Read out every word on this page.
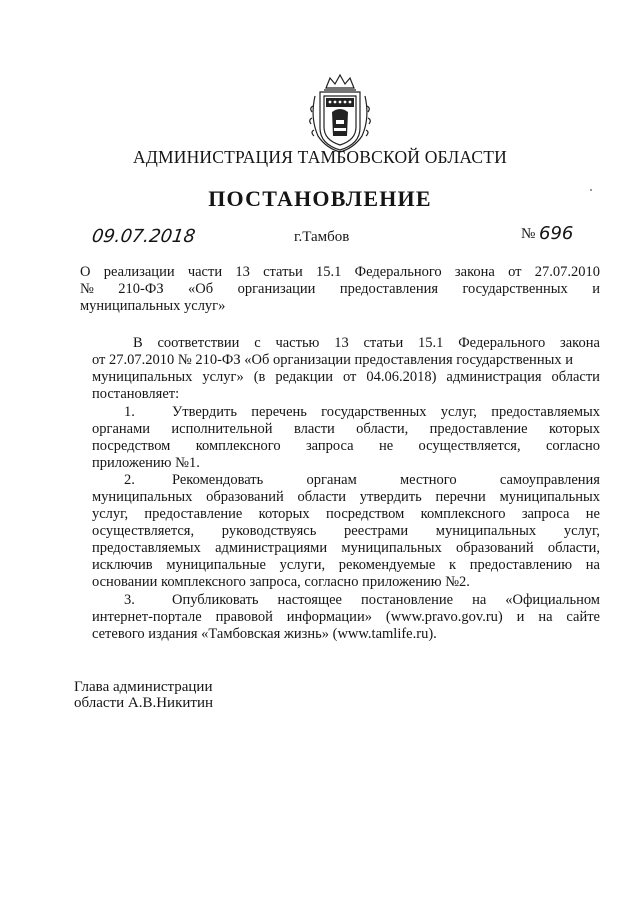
АДМИНИСТРАЦИЯ ТАМБОВСКОЙ ОБЛАСТИ
ПОСТАНОВЛЕНИЕ
09.07.2018	г.Тамбов	№ 696
О реализации части 13 статьи 15.1 Федерального закона от 27.07.2010
№ 210-ФЗ «Об организации предоставления государственных и
муниципальных услуг»
В соответствии с частью 13 статьи 15.1 Федерального закона
от 27.07.2010 № 210-ФЗ «Об организации предоставления государственных и
муниципальных услуг» (в редакции от 04.06.2018) администрация области
постановляет:
1.	Утвердить перечень государственных услуг, предоставляемых
органами исполнительной власти области, предоставление которых
посредством комплексного запроса не осуществляется, согласно
приложению №1.
2.	Рекомендовать	органам	местного	самоуправления
муниципальных образований области утвердить перечни муниципальных
услуг, предоставление которых посредством комплексного запроса не
осуществляется, руководствуясь реестрами муниципальных услуг,
предоставляемых администрациями муниципальных образований области,
исключив муниципальные услуги, рекомендуемые к предоставлению на
основании комплексного запроса, согласно приложению №2.
3.	Опубликовать настоящее постановление на «Официальном
интернет-портале правовой информации» (www.pravo.gov.ru) и на сайте
сетевого издания «Тамбовская жизнь» (www.tamlife.ru).
Глава администрации
области А.В.Никитин
